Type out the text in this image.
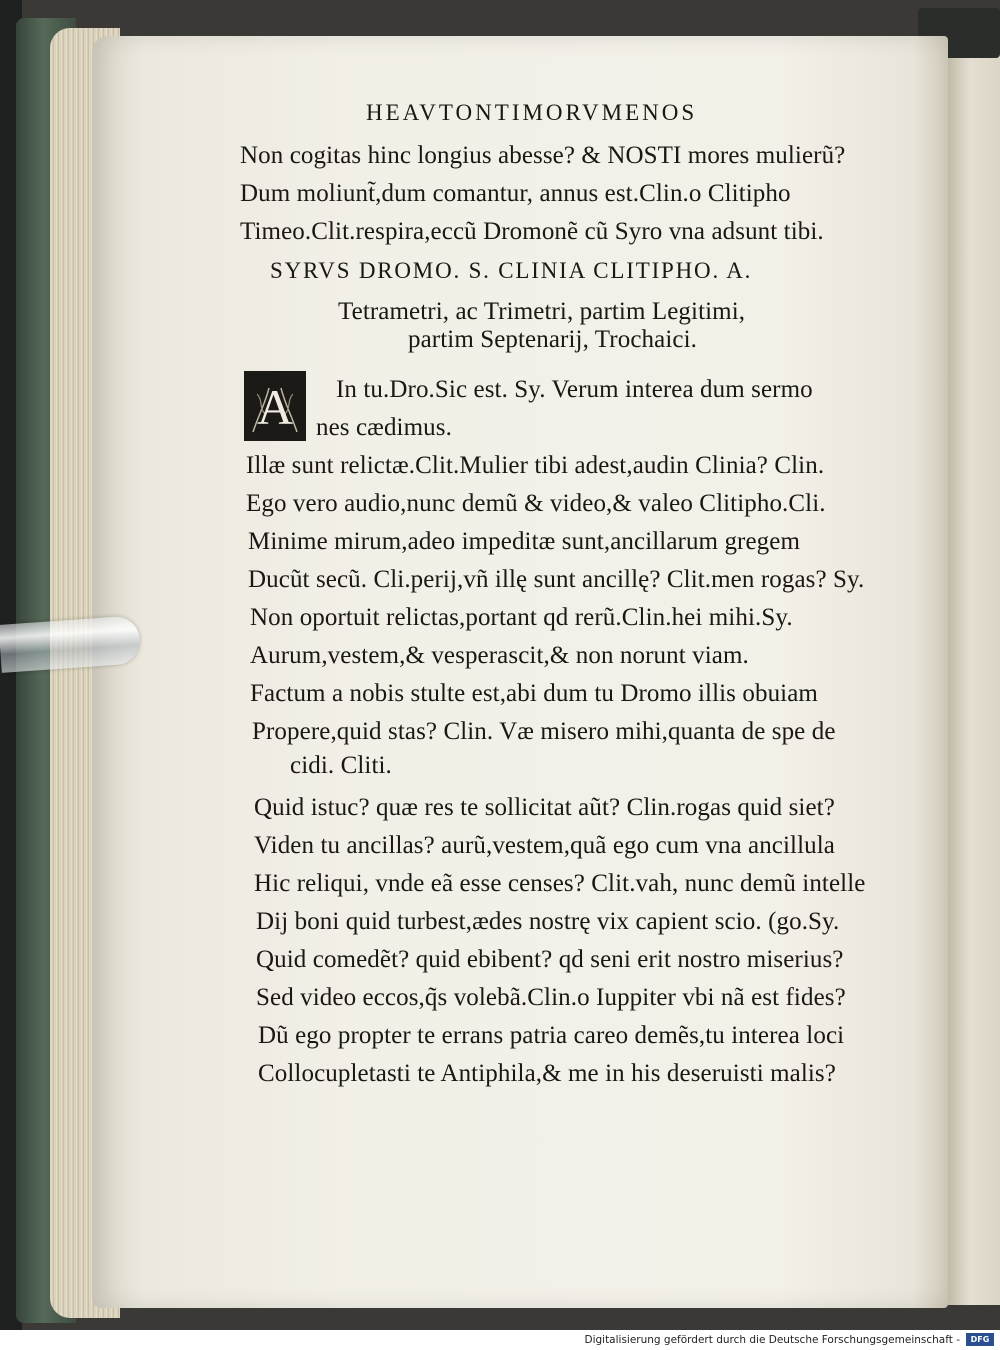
HEAVTONTIMORVMENOS
Non cogitas hinc longius abesse? & NOSTI mores mulierũ?
Dum moliunt̃,dum comantur, annus est.Clin.o Clitipho
Timeo.Clit.respira,eccũ Dromonẽ cũ Syro vna adsunt tibi.
SYRVS DROMO. S. CLINIA CLITIPHO. A.
Tetrametri, ac Trimetri, partim Legitimi,
partim Septenarij, Trochaici.
A In tu.Dro.Sic est. Sy. Verum interea dum sermo
nes cædimus.
Illæ sunt relictæ.Clit.Mulier tibi adest,audin Clinia? Clin.
Ego vero audio,nunc demũ & video,& valeo Clitipho.Cli.
Minime mirum,adeo impeditæ sunt,ancillarum gregem
Ducũt secũ. Cli.perij,vñ illę sunt ancillę? Clit.men rogas? Sy.
Non oportuit relictas,portant qd rerũ.Clin.hei mihi.Sy.
Aurum,vestem,& vesperascit,& non norunt viam.
Factum a nobis stulte est,abi dum tu Dromo illis obuiam
Propere,quid stas? Clin. Væ misero mihi,quanta de spe de
cidi. Cliti.
Quid istuc? quæ res te sollicitat aũt? Clin.rogas quid siet?
Viden tu ancillas? aurũ,vestem,quã ego cum vna ancillula
Hic reliqui, vnde eã esse censes? Clit.vah, nunc demũ intelle
Dij boni quid turbest,ædes nostrę vix capient scio. (go.Sy.
Quid comedẽt? quid ebibent? qd seni erit nostro miserius?
Sed video eccos,q̃s volebã.Clin.o Iuppiter vbi nã est fides?
Dũ ego propter te errans patria careo demẽs,tu interea loci
Collocupletasti te Antiphila,& me in his deseruisti malis?
Digitalisierung gefördert durch die Deutsche Forschungsgemeinschaft -	DFG
